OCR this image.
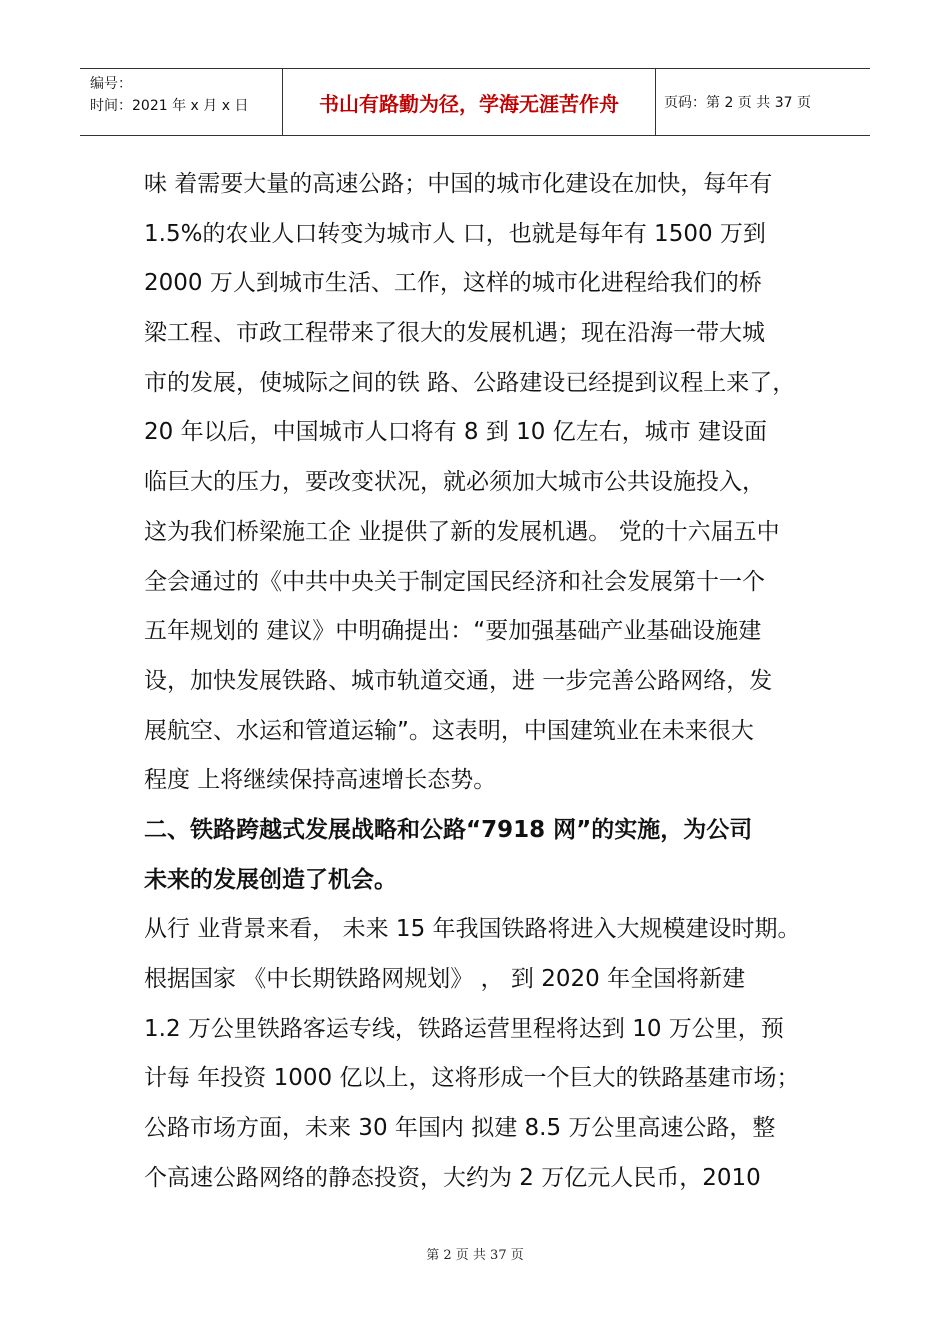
编号：
时间：2021 年 x 月 x 日	书山有路勤为径，学海无涯苦作舟	页码：第 2 页 共 37 页
味 着需要大量的高速公路；中国的城市化建设在加快，每年有
1.5%的农业人口转变为城市人 口，也就是每年有 1500 万到
2000 万人到城市生活、工作，这样的城市化进程给我们的桥
梁工程、市政工程带来了很大的发展机遇；现在沿海一带大城
市的发展，使城际之间的铁 路、公路建设已经提到议程上来了，
20 年以后，中国城市人口将有 8 到 10 亿左右，城市 建设面
临巨大的压力，要改变状况，就必须加大城市公共设施投入，
这为我们桥梁施工企 业提供了新的发展机遇。 党的十六届五中
全会通过的《中共中央关于制定国民经济和社会发展第十一个
五年规划的 建议》中明确提出：“要加强基础产业基础设施建
设，加快发展铁路、城市轨道交通，进 一步完善公路网络，发
展航空、水运和管道运输”。这表明，中国建筑业在未来很大
程度 上将继续保持高速增长态势。
二、铁路跨越式发展战略和公路“7918 网”的实施，为公司
未来的发展创造了机会。
从行 业背景来看， 未来 15 年我国铁路将进入大规模建设时期。
根据国家 《中长期铁路网规划》 ， 到 2020 年全国将新建
1.2 万公里铁路客运专线，铁路运营里程将达到 10 万公里，预
计每 年投资 1000 亿以上，这将形成一个巨大的铁路基建市场；
公路市场方面，未来 30 年国内 拟建 8.5 万公里高速公路，整
个高速公路网络的静态投资，大约为 2 万亿元人民币，2010
第 2 页 共 37 页
